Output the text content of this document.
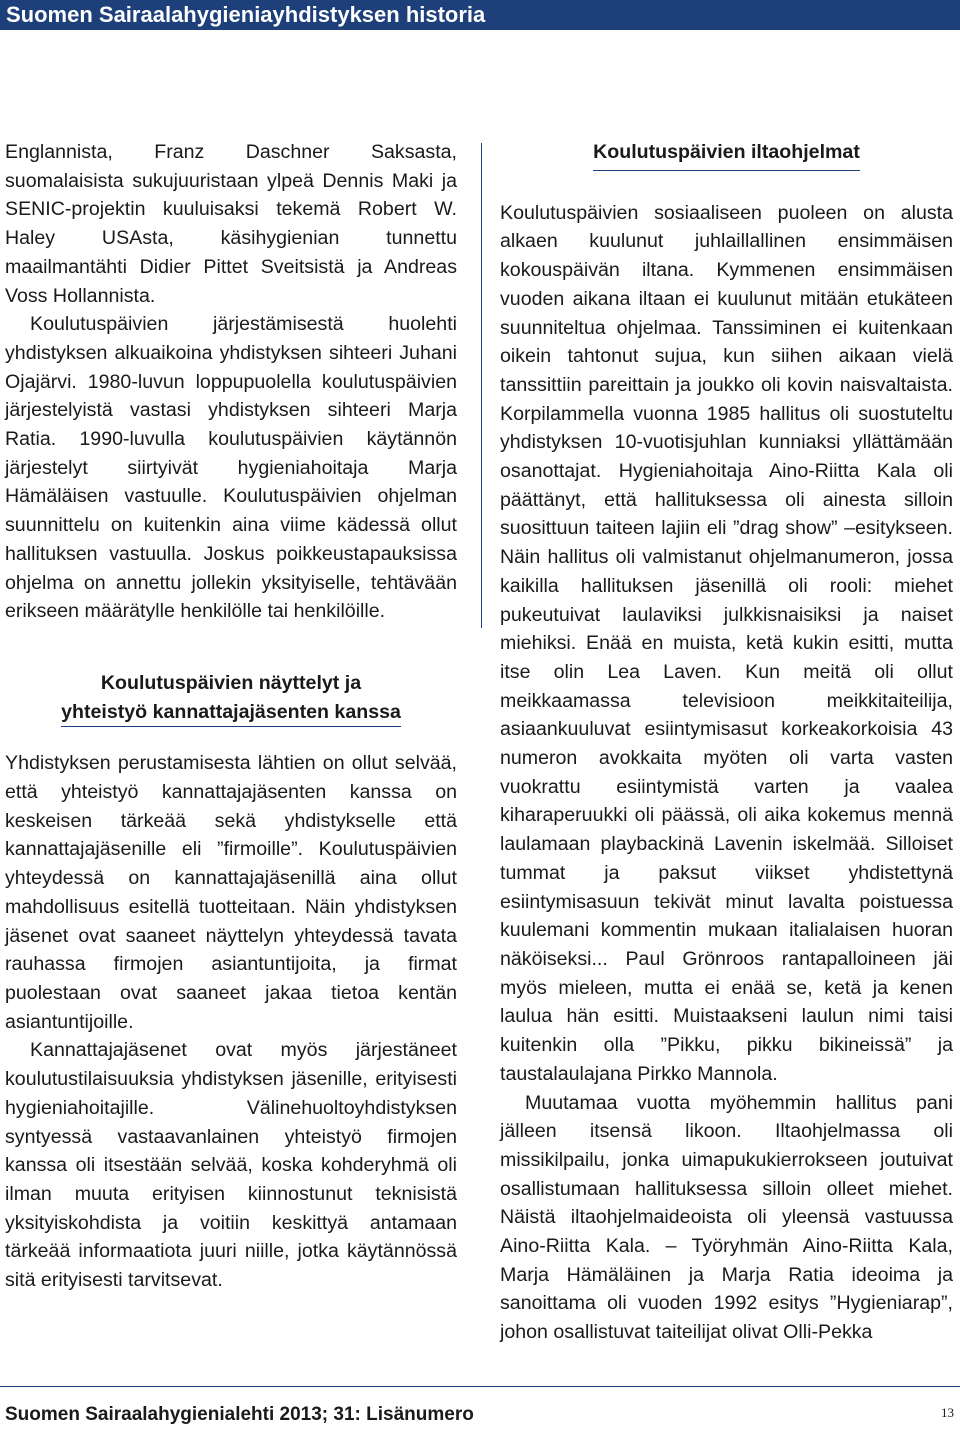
Suomen Sairaalahygieniayhdistyksen historia

Englannista, Franz Daschner Saksasta, suomalaisista sukujuuristaan ylpeä Dennis Maki ja SENIC-projektin kuuluisaksi tekemä Robert W. Haley USAsta, käsihygienian tunnettu maailmantähti Didier Pittet Sveitsistä ja Andreas Voss Hollannista.

Koulutuspäivien järjestämisestä huolehti yhdistyksen alkuaikoina yhdistyksen sihteeri Juhani Ojajärvi. 1980-luvun loppupuolella koulutuspäivien järjestelyistä vastasi yhdistyksen sihteeri Marja Ratia. 1990-luvulla koulutuspäivien käytännön järjestelyt siirtyivät hygieniahoitaja Marja Hämäläisen vastuulle. Koulutuspäivien ohjelman suunnittelu on kuitenkin aina viime kädessä ollut hallituksen vastuulla. Joskus poikkeustapauksissa ohjelma on annettu jollekin yksityiselle, tehtävään erikseen määrätylle henkilölle tai henkilöille.

Koulutuspäivien näyttelyt ja
yhteistyö kannattajajäsenten kanssa

Yhdistyksen perustamisesta lähtien on ollut selvää, että yhteistyö kannattajajäsenten kanssa on keskeisen tärkeää sekä yhdistykselle että kannattajajäsenille eli ”firmoille”. Koulutuspäivien yhteydessä on kannattajajäsenillä aina ollut mahdollisuus esitellä tuotteitaan. Näin yhdistyksen jäsenet ovat saaneet näyttelyn yhteydessä tavata rauhassa firmojen asiantuntijoita, ja firmat puolestaan ovat saaneet jakaa tietoa kentän asiantuntijoille.

Kannattajajäsenet ovat myös järjestäneet koulutustilaisuuksia yhdistyksen jäsenille, erityisesti hygieniahoitajille. Välinehuoltoyhdistyksen syntyessä vastaavanlainen yhteistyö firmojen kanssa oli itsestään selvää, koska kohderyhmä oli ilman muuta erityisen kiinnostunut teknisistä yksityiskohdista ja voitiin keskittyä antamaan tärkeää informaatiota juuri niille, jotka käytännössä sitä erityisesti tarvitsevat.

Koulutuspäivien iltaohjelmat

Koulutuspäivien sosiaaliseen puoleen on alusta alkaen kuulunut juhlaillallinen ensimmäisen kokouspäivän iltana. Kymmenen ensimmäisen vuoden aikana iltaan ei kuulunut mitään etukäteen suunniteltua ohjelmaa. Tanssiminen ei kuitenkaan oikein tahtonut sujua, kun siihen aikaan vielä tanssittiin pareittain ja joukko oli kovin naisvaltaista. Korpilammella vuonna 1985 hallitus oli suostuteltu yhdistyksen 10-vuotisjuhlan kunniaksi yllättämään osanottajat. Hygieniahoitaja Aino-Riitta Kala oli päättänyt, että hallituksessa oli ainesta silloin suosittuun taiteen lajiin eli ”drag show” –esitykseen. Näin hallitus oli valmistanut ohjelmanumeron, jossa kaikilla hallituksen jäsenillä oli rooli: miehet pukeutuivat laulaviksi julkkisnaisiksi ja naiset miehiksi. Enää en muista, ketä kukin esitti, mutta itse olin Lea Laven. Kun meitä oli ollut meikkaamassa televisioon meikkitaiteilija, asiaankuuluvat esiintymisasut korkeakorkoisia 43 numeron avokkaita myöten oli varta vasten vuokrattu esiintymistä varten ja vaalea kiharaperuukki oli päässä, oli aika kokemus mennä laulamaan playbackinä Lavenin iskelmää. Silloiset tummat ja paksut viikset yhdistettynä esiintymisasuun tekivät minut lavalta poistuessa kuulemani kommentin mukaan italialaisen huoran näköiseksi... Paul Grönroos rantapalloineen jäi myös mieleen, mutta ei enää se, ketä ja kenen laulua hän esitti. Muistaakseni laulun nimi taisi kuitenkin olla ”Pikku, pikku bikineissä” ja taustalaulajana Pirkko Mannola.

Muutamaa vuotta myöhemmin hallitus pani jälleen itsensä likoon. Iltaohjelmassa oli missikilpailu, jonka uimapukukierrokseen joutuivat osallistumaan hallituksessa silloin olleet miehet. Näistä iltaohjelmaideoista oli yleensä vastuussa Aino-Riitta Kala. – Työryhmän Aino-Riitta Kala, Marja Hämäläinen ja Marja Ratia ideoima ja sanoittama oli vuoden 1992 esitys ”Hygieniarap”, johon osallistuvat taiteilijat olivat Olli-Pekka

Suomen Sairaalahygienialehti 2013; 31: Lisänumero	13
